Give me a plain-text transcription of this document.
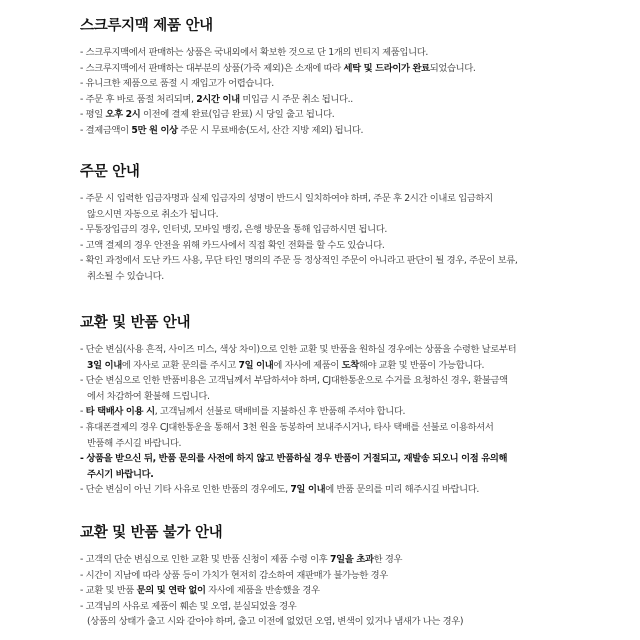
스크루지맥 제품 안내
- 스크루지맥에서 판매하는 상품은 국내외에서 확보한 것으로 단 1개의 빈티지 제품입니다.
- 스크루지맥에서 판매하는 대부분의 상품(가죽 제외)은 소재에 따라 세탁 및 드라이가 완료되었습니다.
- 유니크한 제품으로 품절 시 재입고가 어렵습니다.
- 주문 후 바로 품절 처리되며, 2시간 이내 미입금 시 주문 취소 됩니다..
- 평일 오후 2시 이전에 결제 완료(입금 완료) 시 당일 출고 됩니다.
- 결제금액이 5만 원 이상 주문 시 무료배송(도서, 산간 지방 제외) 됩니다.
주문 안내
- 주문 시 입력한 입금자명과 실제 입금자의 성명이 반드시 일치하여야 하며, 주문 후 2시간 이내로 입금하지
않으시면 자동으로 취소가 됩니다.
- 무통장입금의 경우, 인터넷, 모바일 뱅킹, 은행 방문을 통해 입금하시면 됩니다.
- 고액 결제의 경우 안전을 위해 카드사에서 직접 확인 전화를 할 수도 있습니다.
- 확인 과정에서 도난 카드 사용, 무단 타인 명의의 주문 등 정상적인 주문이 아니라고 판단이 될 경우, 주문이 보류,
취소될 수 있습니다.
교환 및 반품 안내
- 단순 변심(사용 흔적, 사이즈 미스, 색상 차이)으로 인한 교환 및 반품을 원하실 경우에는 상품을 수령한 날로부터
3일 이내에 자사로 교환 문의를 주시고 7일 이내에 자사에 제품이 도착해야 교환 및 반품이 가능합니다.
- 단순 변심으로 인한 반품비용은 고객님께서 부담하셔야 하며, CJ대한통운으로 수거를 요청하신 경우, 환불금액
에서 차감하여 환불해 드립니다.
- 타 택배사 이용 시, 고객님께서 선불로 택배비를 지불하신 후 반품해 주셔야 합니다.
- 휴대폰결제의 경우 CJ대한통운을 통해서 3천 원을 동봉하여 보내주시거나, 타사 택배를 선불로 이용하셔서
반품해 주시길 바랍니다.
- 상품을 받으신 뒤, 반품 문의를 사전에 하지 않고 반품하실 경우 반품이 거절되고, 재발송 되오니 이점 유의해
주시기 바랍니다.
- 단순 변심이 아닌 기타 사유로 인한 반품의 경우에도, 7일 이내에 반품 문의를 미리 해주시길 바랍니다.
교환 및 반품 불가 안내
- 고객의 단순 변심으로 인한 교환 및 반품 신청이 제품 수령 이후 7일을 초과한 경우
- 시간이 지남에 따라 상품 등이 가치가 현저히 감소하여 재판매가 불가능한 경우
- 교환 및 반품 문의 및 연락 없이 자사에 제품을 반송했을 경우
- 고객님의 사유로 제품이 훼손 및 오염, 분실되었을 경우
(상품의 상태가 출고 시와 같아야 하며, 출고 이전에 없었던 오염, 변색이 있거나 냄새가 나는 경우)
